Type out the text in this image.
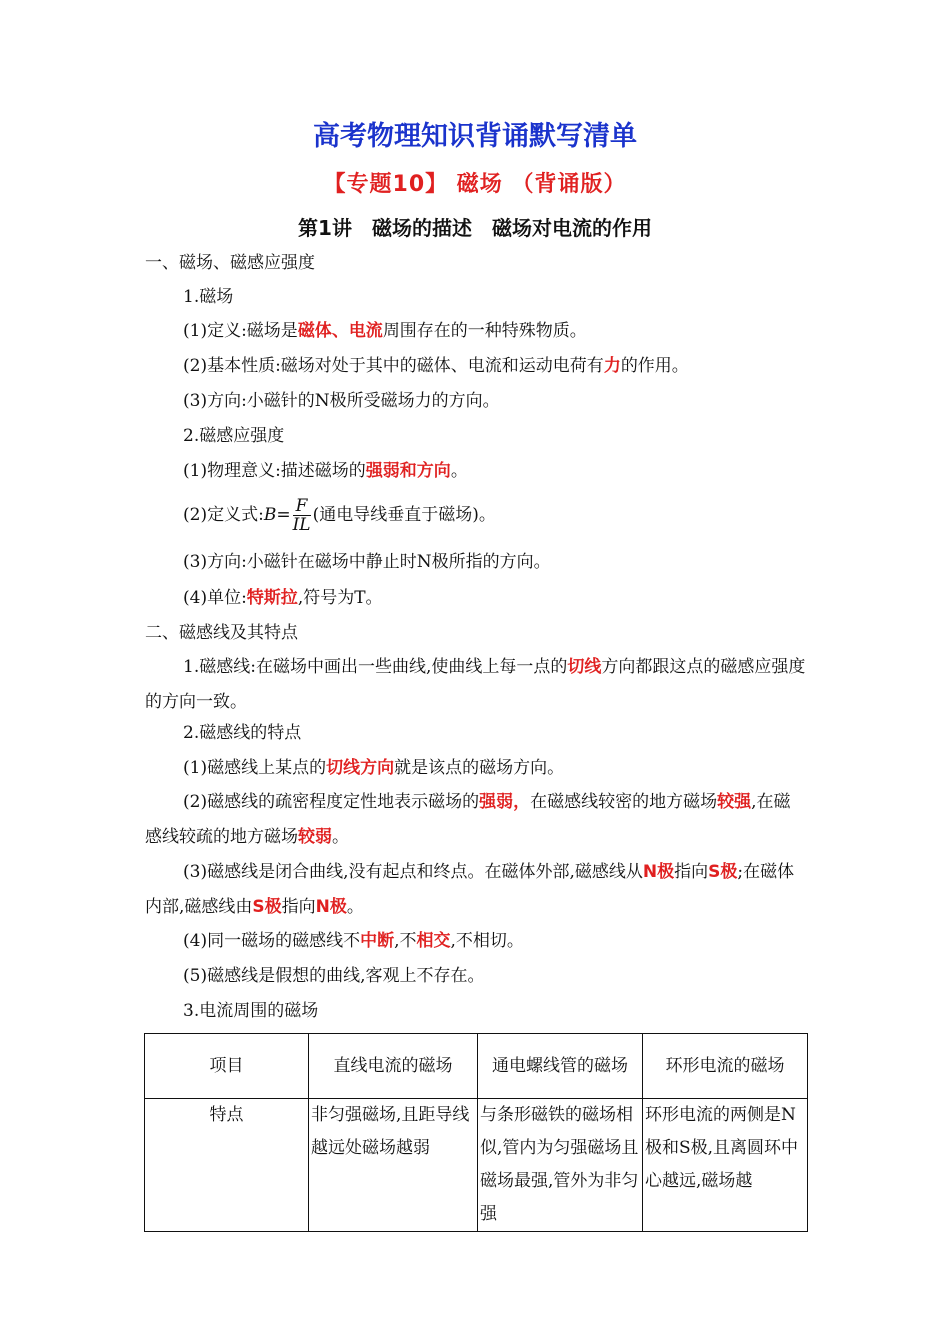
高考物理知识背诵默写清单
【专题10】 磁场 （背诵版）
第1讲　磁场的描述　磁场对电流的作用
一、磁场、磁感应强度
1.磁场
(1)定义:磁场是磁体、电流周围存在的一种特殊物质。
(2)基本性质:磁场对处于其中的磁体、电流和运动电荷有力的作用。
(3)方向:小磁针的N极所受磁场力的方向。
2.磁感应强度
(1)物理意义:描述磁场的强弱和方向。
(2)定义式:B= $\frac{F}{IL}$ (通电导线垂直于磁场)。
(3)方向:小磁针在磁场中静止时N极所指的方向。
(4)单位:特斯拉,符号为T。
二、磁感线及其特点
1.磁感线:在磁场中画出一些曲线,使曲线上每一点的切线方向都跟这点的磁感应强度的方向一致。
2.磁感线的特点
(1)磁感线上某点的切线方向就是该点的磁场方向。
(2)磁感线的疏密程度定性地表示磁场的强弱，在磁感线较密的地方磁场较强,在磁感线较疏的地方磁场较弱。
(3)磁感线是闭合曲线,没有起点和终点。在磁体外部,磁感线从N极指向S极;在磁体内部,磁感线由S极指向N极。
(4)同一磁场的磁感线不中断,不相交,不相切。
(5)磁感线是假想的曲线,客观上不存在。
3.电流周围的磁场
项目	直线电流的磁场	通电螺线管的磁场	环形电流的磁场
特点	非匀强磁场,且距导线越远处磁场越弱	与条形磁铁的磁场相似,管内为匀强磁场且磁场最强,管外为非匀强	环形电流的两侧是N极和S极,且离圆环中心越远,磁场越
